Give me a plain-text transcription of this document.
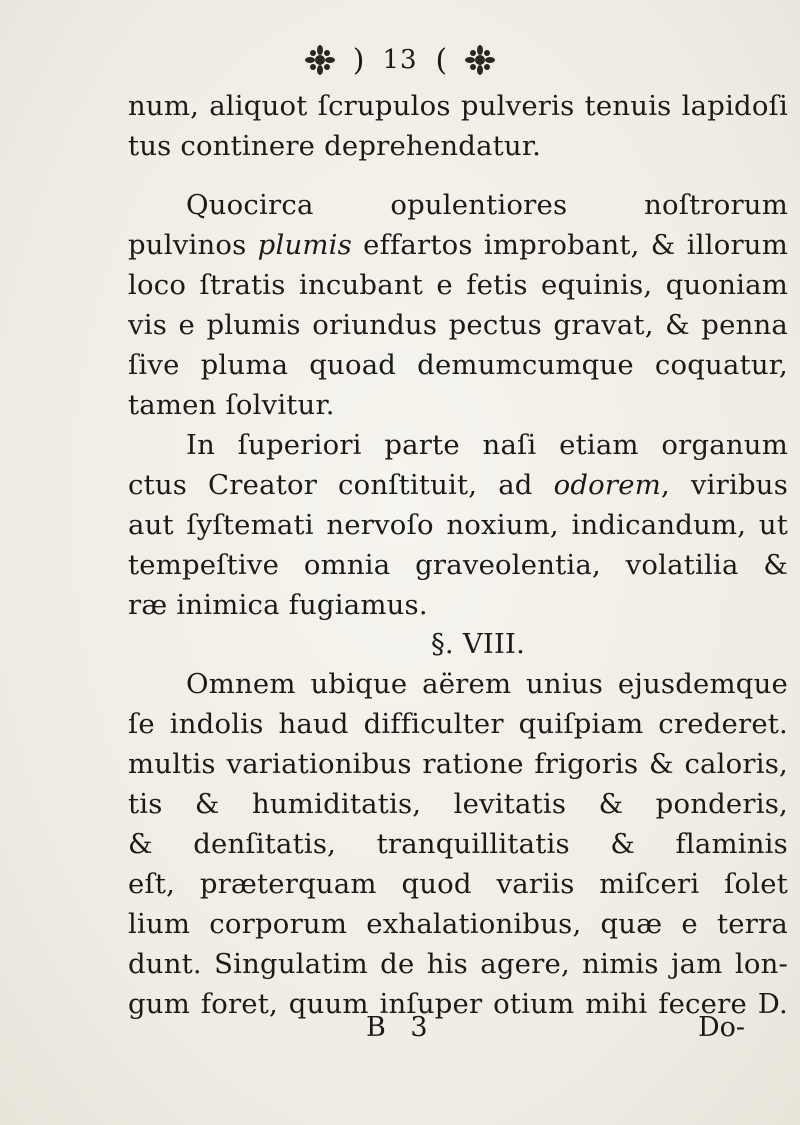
) 13 (
num, aliquot ſcrupulos pulveris tenuis lapidoſi
tus continere deprehendatur.
Quocirca opulentiores noſtrorum
pulvinos plumis effartos improbant, & illorum
loco ſtratis incubant e fetis equinis, quoniam
vis e plumis oriundus pectus gravat, & penna
ſive pluma quoad demumcumque coquatur,
tamen ſolvitur.
In ſuperiori parte naſi etiam organum
ctus Creator conſtituit, ad odorem, viribus
aut ſyſtemati nervoſo noxium, indicandum, ut
tempeſtive omnia graveolentia, volatilia &
ræ inimica fugiamus.
§. VIII.
Omnem ubique aërem unius ejusdemque
ſe indolis haud difficulter quiſpiam crederet.
multis variationibus ratione frigoris & caloris,
tis & humiditatis, levitatis & ponderis,
& denſitatis, tranquillitatis & flaminis
eſt, præterquam quod variis miſceri ſolet
lium corporum exhalationibus, quæ e terra
dunt. Singulatim de his agere, nimis jam lon-
gum foret, quum inſuper otium mihi fecere D.
B 3	Do-
